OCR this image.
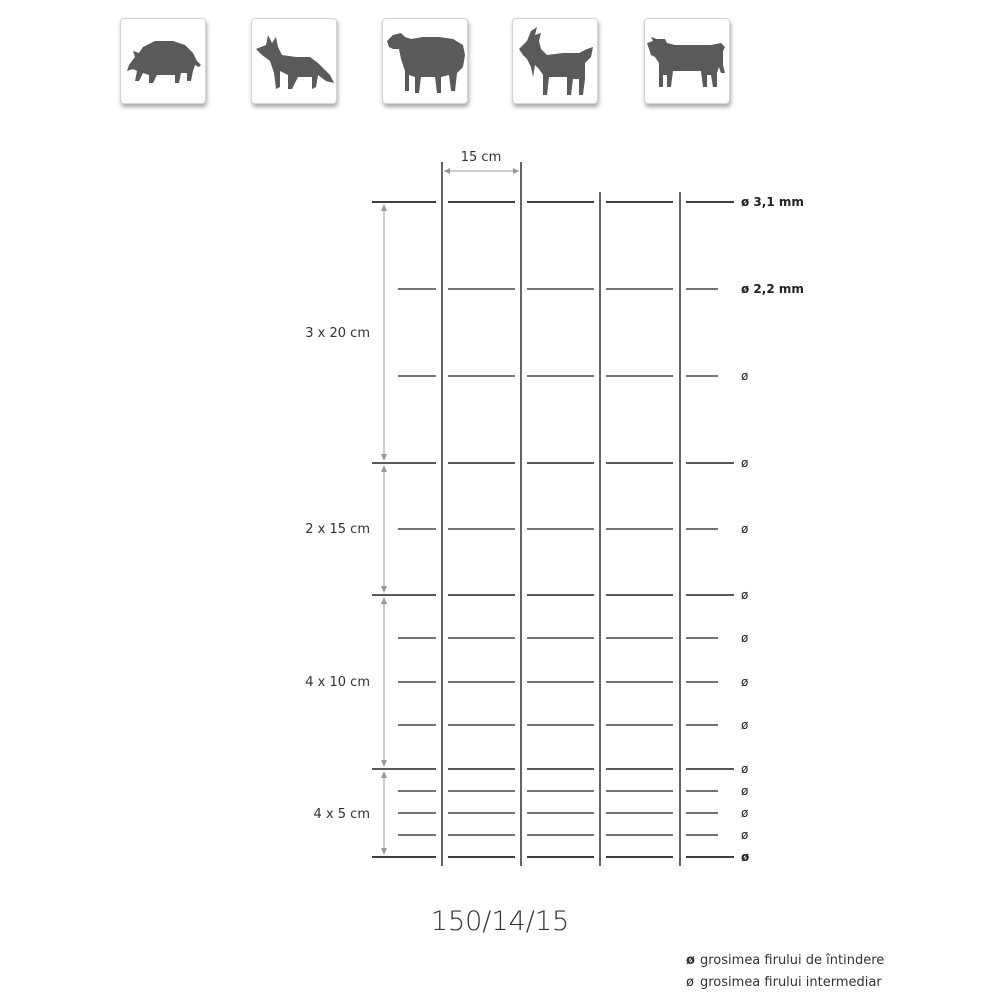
15 cm
3 x 20 cm
2 x 15 cm
4 x 10 cm
4 x 5 cm
ø 3,1 mm
ø 2,2 mm
ø
ø
ø
ø
ø
ø
ø
ø
ø
ø
ø
ø
150/14/15
ø grosimea firului de întindere
ø grosimea firului intermediar
